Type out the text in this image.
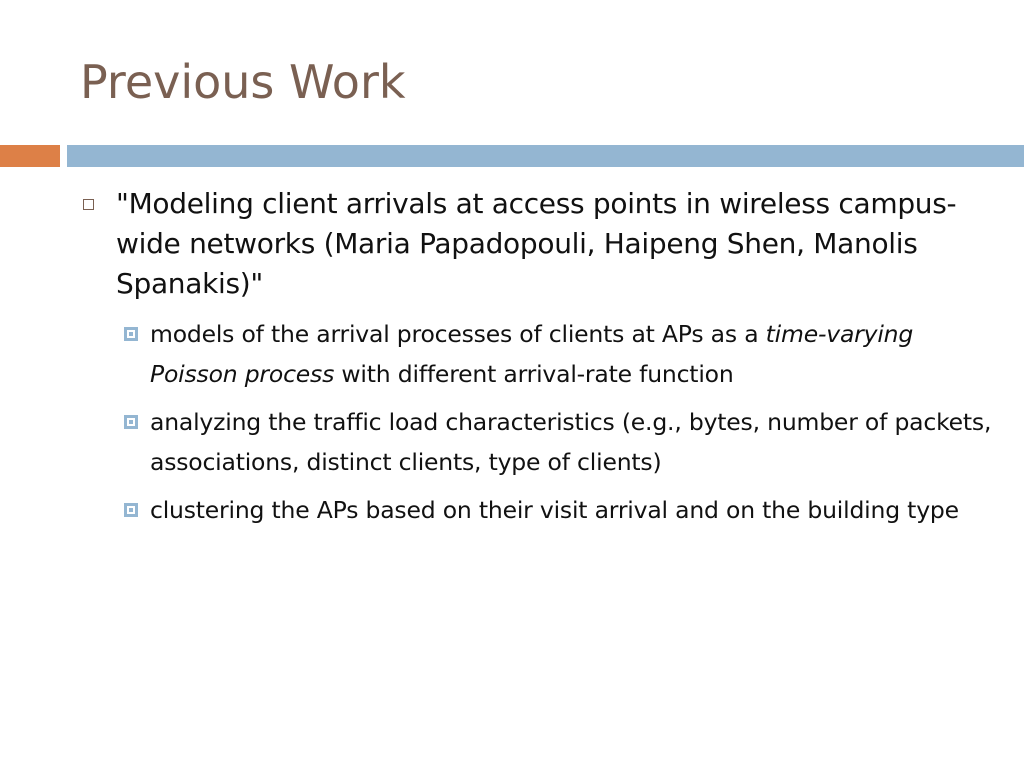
Previous Work
"Modeling client arrivals at access points in wireless campus-wide networks (Maria Papadopouli, Haipeng Shen, Manolis Spanakis)"
models of the arrival processes of clients at APs as a time-varying Poisson process with different arrival-rate function
analyzing the traffic load characteristics (e.g., bytes, number of packets, associations, distinct clients, type of clients)
clustering the APs based on their visit arrival and on the building type
